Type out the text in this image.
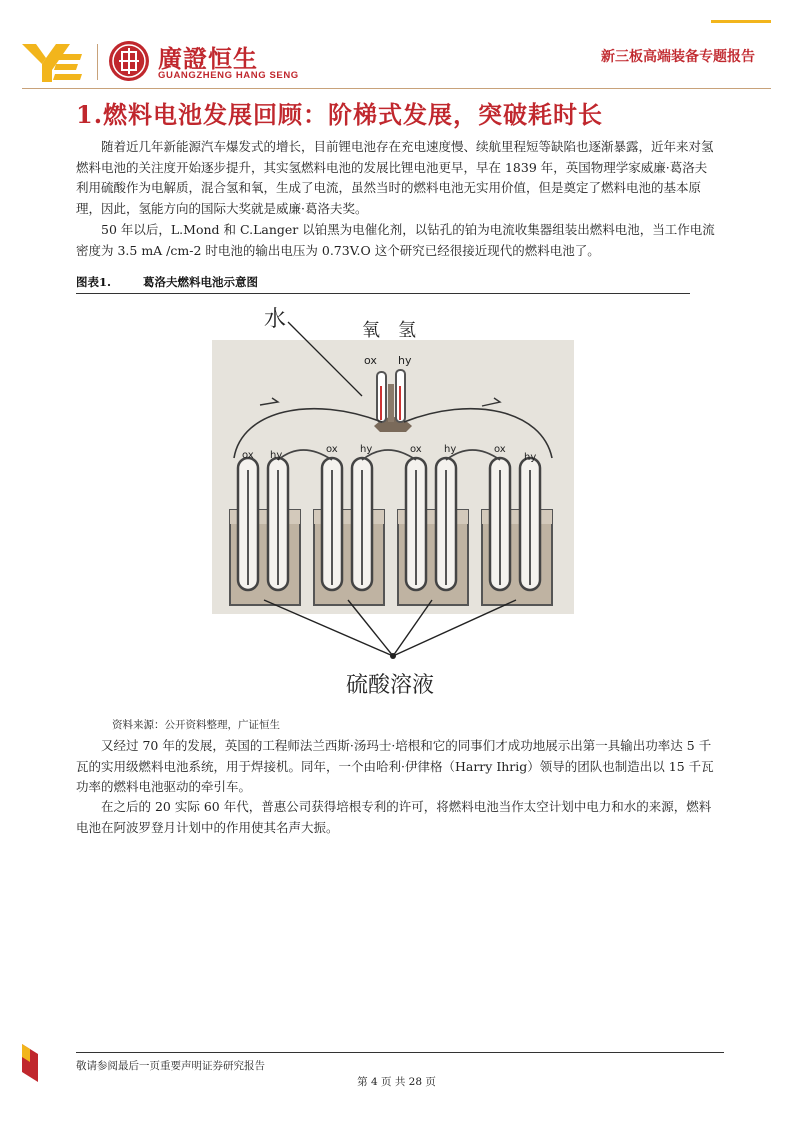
廣證恒生
GUANGZHENG HANG SENG
新三板高端装备专题报告
1.燃料电池发展回顾：阶梯式发展，突破耗时长
随着近几年新能源汽车爆发式的增长，目前锂电池存在充电速度慢、续航里程短等缺陷也逐渐暴露，近年来对氢燃料电池的关注度开始逐步提升，其实氢燃料电池的发展比锂电池更早，早在 1839 年，英国物理学家威廉·葛洛夫利用硫酸作为电解质，混合氢和氧，生成了电流，虽然当时的燃料电池无实用价值，但是奠定了燃料电池的基本原理，因此，氢能方向的国际大奖就是威廉·葛洛夫奖。
50 年以后，L.Mond 和 C.Langer 以铂黑为电催化剂，以钻孔的铂为电流收集器组装出燃料电池，当工作电流密度为 3.5 mA /cm-2 时电池的输出电压为 0.73V.O 这个研究已经很接近现代的燃料电池了。
图表1.	葛洛夫燃料电池示意图
水	氧 氢
ox hy
ox hy
ox hy	ox hy	ox
hy
硫酸溶液
资料来源：公开资料整理，广证恒生
又经过 70 年的发展，英国的工程师法兰西斯·汤玛士·培根和它的同事们才成功地展示出第一具输出功率达 5 千瓦的实用级燃料电池系统，用于焊接机。同年，一个由哈利·伊律格（Harry Ihrig）领导的团队也制造出以 15 千瓦功率的燃料电池驱动的牵引车。
在之后的 20 实际 60 年代，普惠公司获得培根专利的许可，将燃料电池当作太空计划中电力和水的来源，燃料电池在阿波罗登月计划中的作用使其名声大振。
敬请参阅最后一页重要声明证券研究报告
第 4 页 共 28 页
